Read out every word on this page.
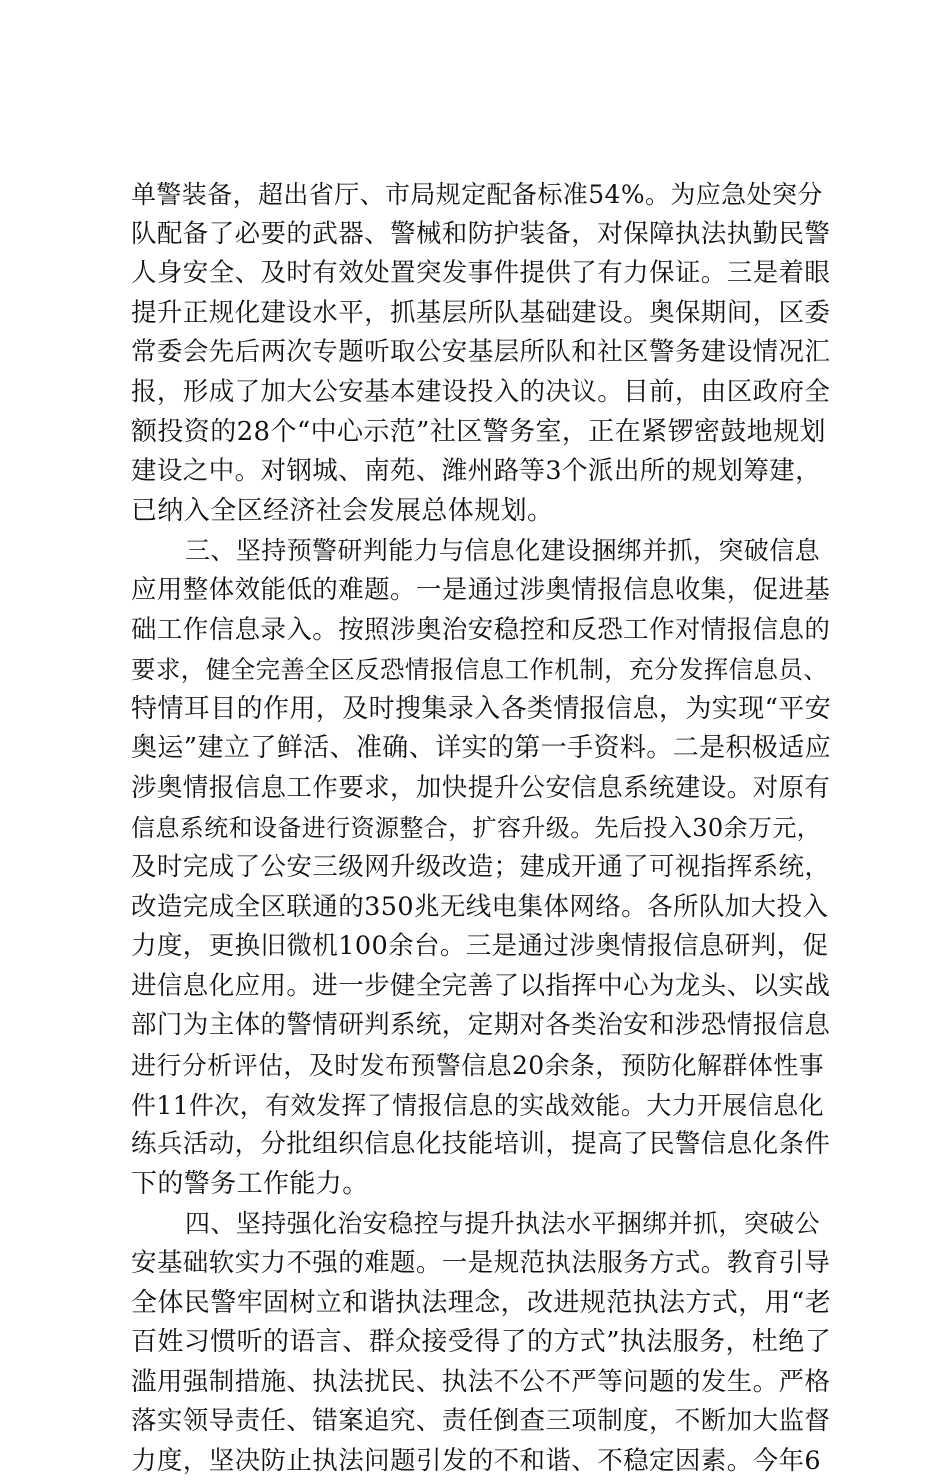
单警装备，超出省厅、市局规定配备标准54%。为应急处突分
队配备了必要的武器、警械和防护装备，对保障执法执勤民警
人身安全、及时有效处置突发事件提供了有力保证。三是着眼
提升正规化建设水平，抓基层所队基础建设。奥保期间，区委
常委会先后两次专题听取公安基层所队和社区警务建设情况汇
报，形成了加大公安基本建设投入的决议。目前，由区政府全
额投资的28个“中心示范”社区警务室，正在紧锣密鼓地规划
建设之中。对钢城、南苑、潍州路等3个派出所的规划筹建，
已纳入全区经济社会发展总体规划。
三、坚持预警研判能力与信息化建设捆绑并抓，突破信息
应用整体效能低的难题。一是通过涉奥情报信息收集，促进基
础工作信息录入。按照涉奥治安稳控和反恐工作对情报信息的
要求，健全完善全区反恐情报信息工作机制，充分发挥信息员、
特情耳目的作用，及时搜集录入各类情报信息，为实现“平安
奥运”建立了鲜活、准确、详实的第一手资料。二是积极适应
涉奥情报信息工作要求，加快提升公安信息系统建设。对原有
信息系统和设备进行资源整合，扩容升级。先后投入30余万元，
及时完成了公安三级网升级改造；建成开通了可视指挥系统，
改造完成全区联通的350兆无线电集体网络。各所队加大投入
力度，更换旧微机100余台。三是通过涉奥情报信息研判，促
进信息化应用。进一步健全完善了以指挥中心为龙头、以实战
部门为主体的警情研判系统，定期对各类治安和涉恐情报信息
进行分析评估，及时发布预警信息20余条，预防化解群体性事
件11件次，有效发挥了情报信息的实战效能。大力开展信息化
练兵活动，分批组织信息化技能培训，提高了民警信息化条件
下的警务工作能力。
四、坚持强化治安稳控与提升执法水平捆绑并抓，突破公
安基础软实力不强的难题。一是规范执法服务方式。教育引导
全体民警牢固树立和谐执法理念，改进规范执法方式，用“老
百姓习惯听的语言、群众接受得了的方式”执法服务，杜绝了
滥用强制措施、执法扰民、执法不公不严等问题的发生。严格
落实领导责任、错案追究、责任倒查三项制度，不断加大监督
力度，坚决防止执法问题引发的不和谐、不稳定因素。今年6
